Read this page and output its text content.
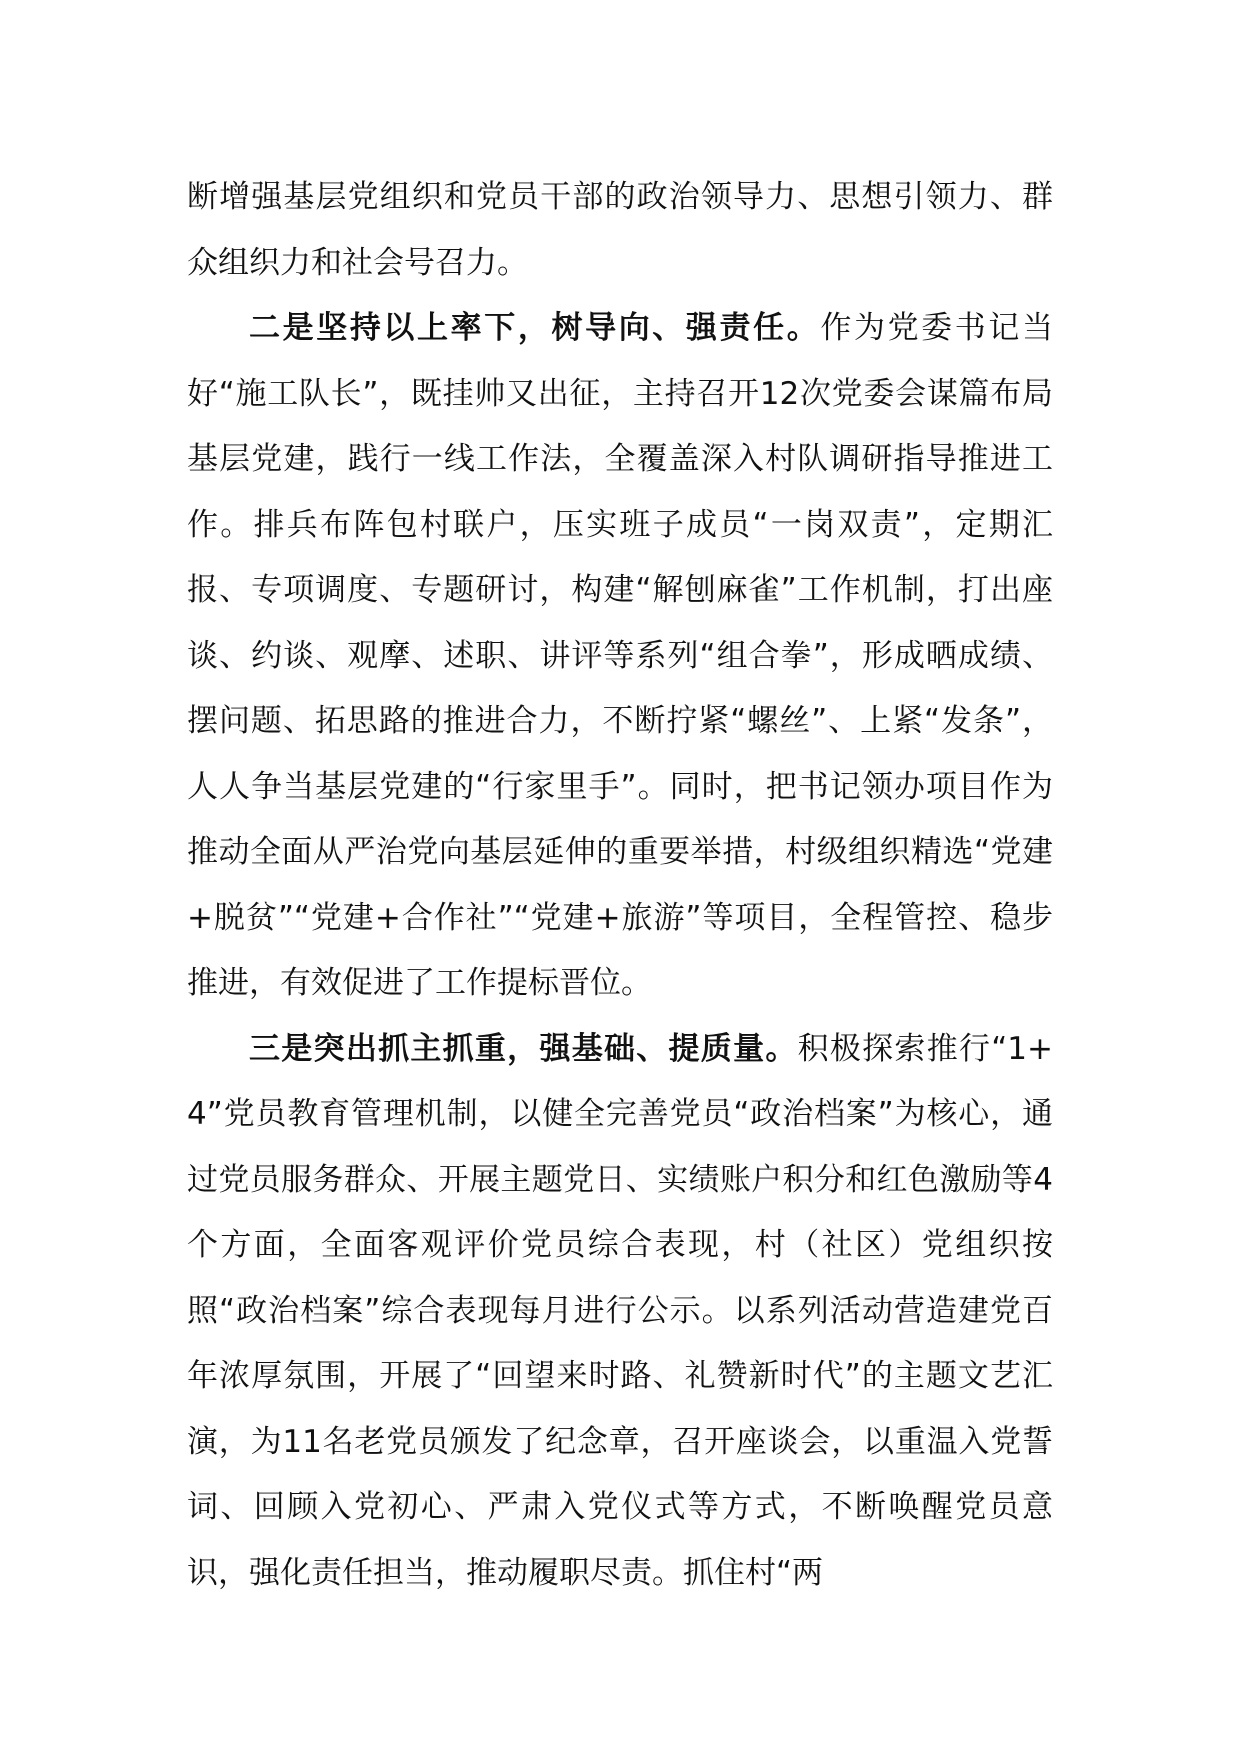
断增强基层党组织和党员干部的政治领导力、思想引领力、群众组织力和社会号召力。

二是坚持以上率下，树导向、强责任。作为党委书记当好“施工队长”，既挂帅又出征，主持召开12次党委会谋篇布局基层党建，践行一线工作法，全覆盖深入村队调研指导推进工作。排兵布阵包村联户，压实班子成员“一岗双责”，定期汇报、专项调度、专题研讨，构建“解刨麻雀”工作机制，打出座谈、约谈、观摩、述职、讲评等系列“组合拳”，形成晒成绩、摆问题、拓思路的推进合力，不断拧紧“螺丝”、上紧“发条”，人人争当基层党建的“行家里手”。同时，把书记领办项目作为推动全面从严治党向基层延伸的重要举措，村级组织精选“党建+脱贫”“党建+合作社”“党建+旅游”等项目，全程管控、稳步推进，有效促进了工作提标晋位。

三是突出抓主抓重，强基础、提质量。积极探索推行“1+4”党员教育管理机制，以健全完善党员“政治档案”为核心，通过党员服务群众、开展主题党日、实绩账户积分和红色激励等4个方面，全面客观评价党员综合表现，村（社区）党组织按照“政治档案”综合表现每月进行公示。以系列活动营造建党百年浓厚氛围，开展了“回望来时路、礼赞新时代”的主题文艺汇演，为11名老党员颁发了纪念章，召开座谈会，以重温入党誓词、回顾入党初心、严肃入党仪式等方式，不断唤醒党员意识，强化责任担当，推动履职尽责。抓住村“两
